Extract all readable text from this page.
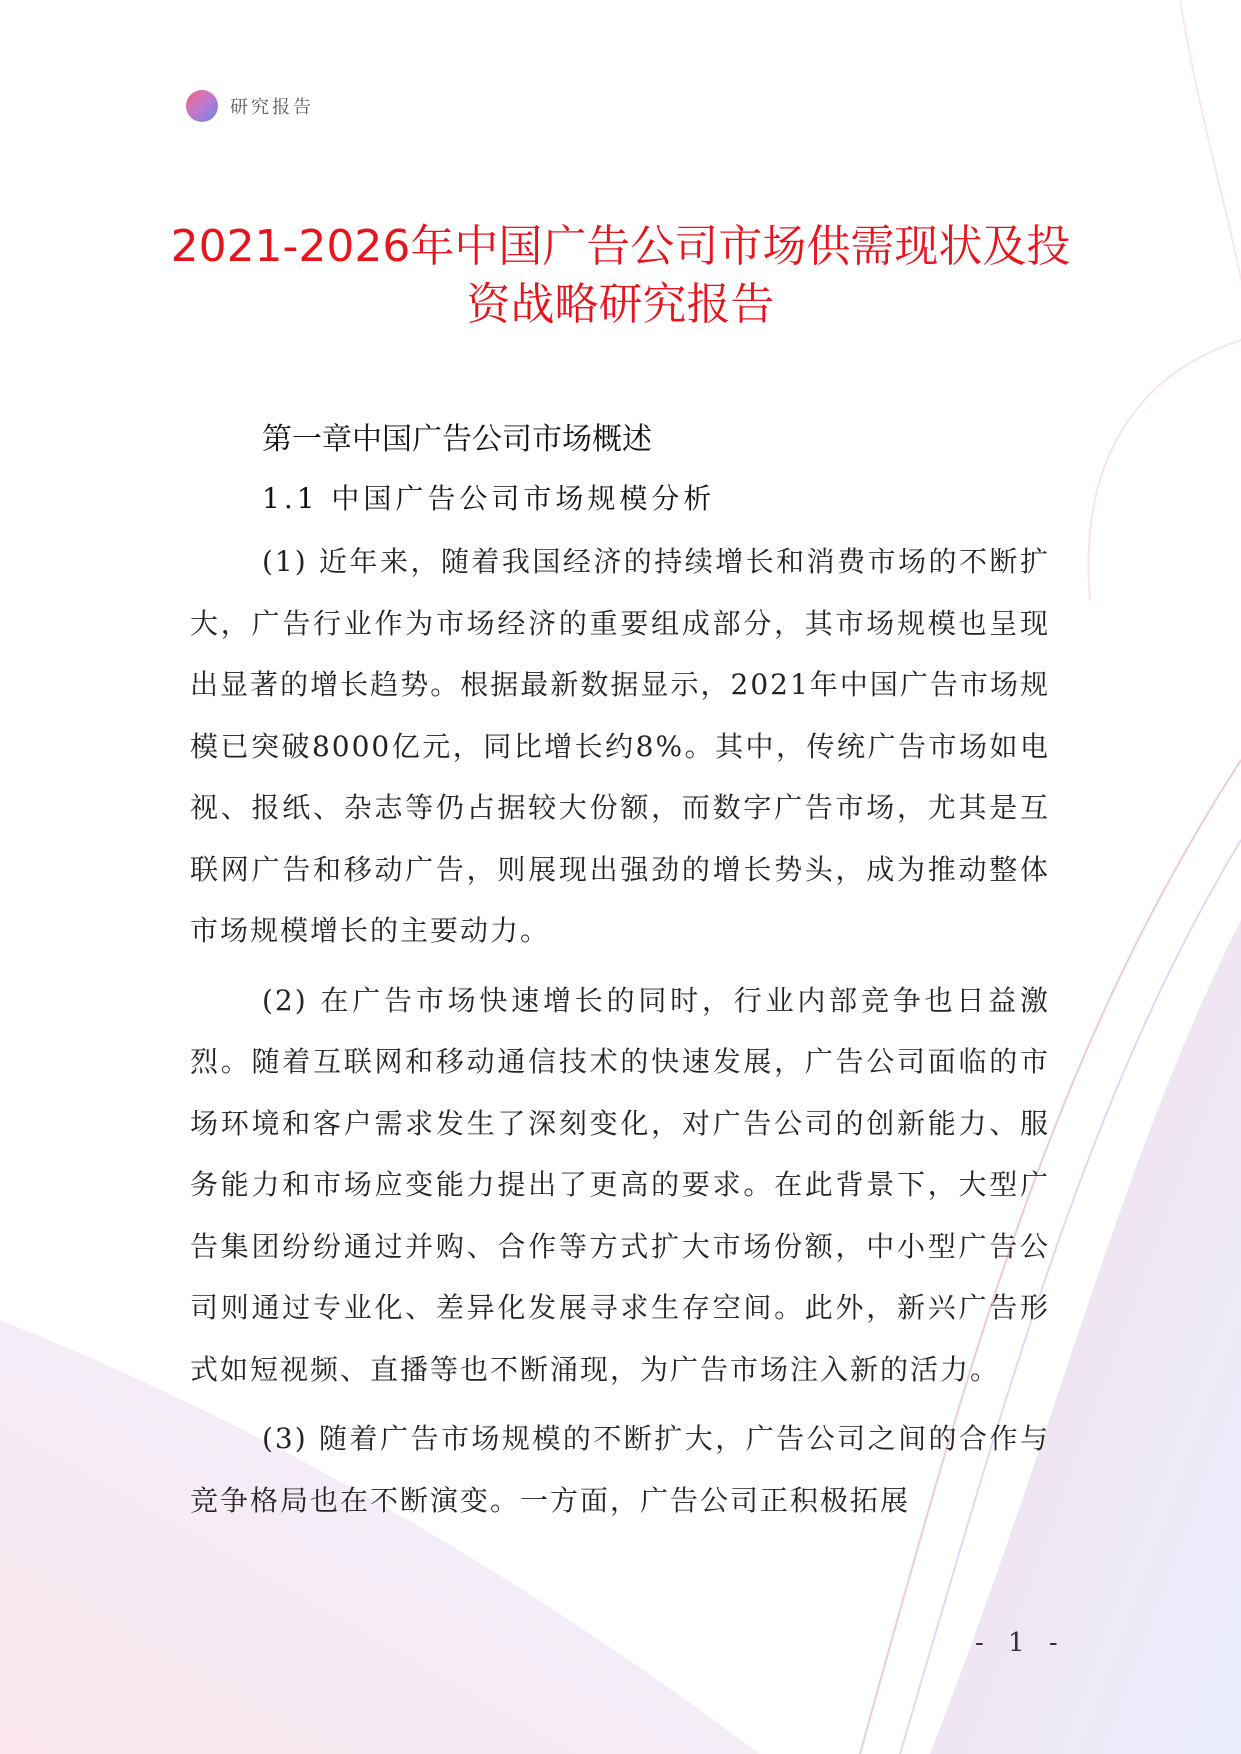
研究报告
2021-2026年中国广告公司市场供需现状及投资战略研究报告
第一章中国广告公司市场概述
1.1 中国广告公司市场规模分析

(1) 近年来，随着我国经济的持续增长和消费市场的不断扩大，广告行业作为市场经济的重要组成部分，其市场规模也呈现出显著的增长趋势。根据最新数据显示，2021年中国广告市场规模已突破8000亿元，同比增长约8%。其中，传统广告市场如电视、报纸、杂志等仍占据较大份额，而数字广告市场，尤其是互联网广告和移动广告，则展现出强劲的增长势头，成为推动整体市场规模增长的主要动力。

(2) 在广告市场快速增长的同时，行业内部竞争也日益激烈。随着互联网和移动通信技术的快速发展，广告公司面临的市场环境和客户需求发生了深刻变化，对广告公司的创新能力、服务能力和市场应变能力提出了更高的要求。在此背景下，大型广告集团纷纷通过并购、合作等方式扩大市场份额，中小型广告公司则通过专业化、差异化发展寻求生存空间。此外，新兴广告形式如短视频、直播等也不断涌现，为广告市场注入新的活力。

(3) 随着广告市场规模的不断扩大，广告公司之间的合作与竞争格局也在不断演变。一方面，广告公司正积极拓展

- 1 -
